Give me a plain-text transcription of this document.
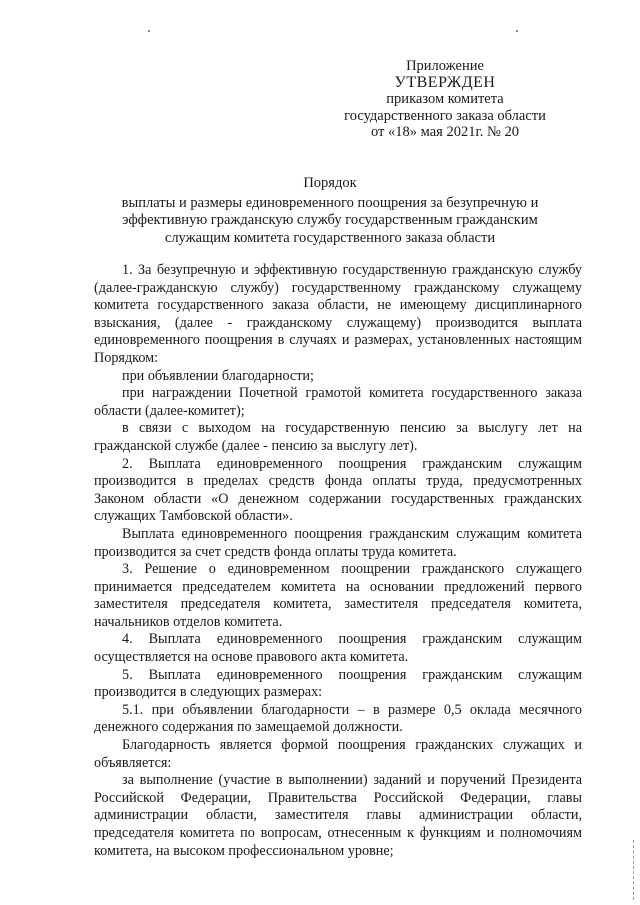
Приложение
УТВЕРЖДЕН
приказом комитета
государственного заказа области
от «18» мая 2021г. № 20
Порядок
выплаты и размеры единовременного поощрения за безупречную и
эффективную гражданскую службу государственным гражданским
служащим комитета государственного заказа области

1. За безупречную и эффективную государственную гражданскую службу (далее-гражданскую службу) государственному гражданскому служащему комитета государственного заказа области, не имеющему дисциплинарного взыскания, (далее - гражданскому служащему) производится выплата единовременного поощрения в случаях и размерах, установленных настоящим Порядком:

при объявлении благодарности;

при награждении Почетной грамотой комитета государственного заказа области (далее-комитет);

в связи с выходом на государственную пенсию за выслугу лет на гражданской службе (далее - пенсию за выслугу лет).

2. Выплата единовременного поощрения гражданским служащим производится в пределах средств фонда оплаты труда, предусмотренных Законом области «О денежном содержании государственных гражданских служащих Тамбовской области».

Выплата единовременного поощрения гражданским служащим комитета производится за счет средств фонда оплаты труда комитета.

3. Решение о единовременном поощрении гражданского служащего принимается председателем комитета на основании предложений первого заместителя председателя комитета, заместителя председателя комитета, начальников отделов комитета.

4. Выплата единовременного поощрения гражданским служащим осуществляется на основе правового акта комитета.

5. Выплата единовременного поощрения гражданским служащим производится в следующих размерах:

5.1. при объявлении благодарности – в размере 0,5 оклада месячного денежного содержания по замещаемой должности.

Благодарность является формой поощрения гражданских служащих и объявляется:

за выполнение (участие в выполнении) заданий и поручений Президента Российской Федерации, Правительства Российской Федерации, главы администрации области, заместителя главы администрации области, председателя комитета по вопросам, отнесенным к функциям и полномочиям комитета, на высоком профессиональном уровне;
